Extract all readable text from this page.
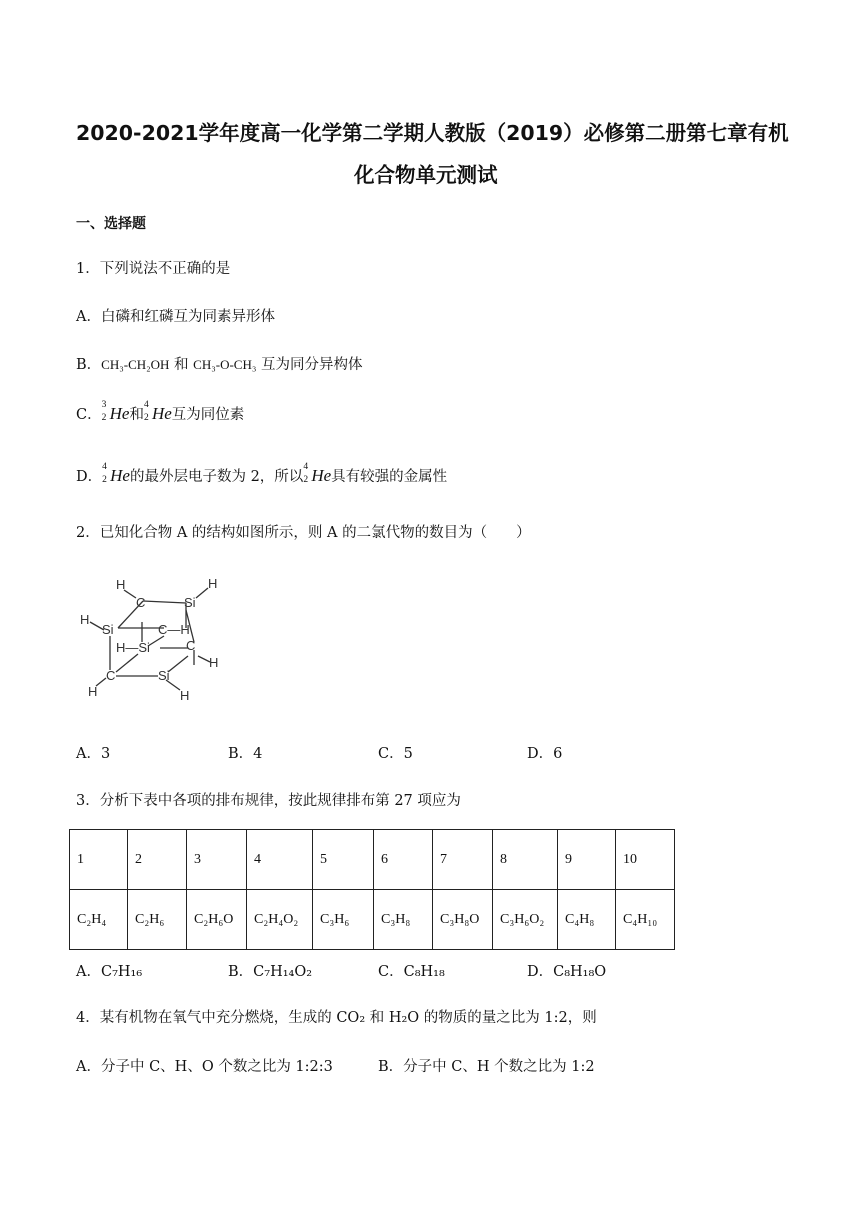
2020-2021学年度高一化学第二学期人教版（2019）必修第二册第七章有机
化合物单元测试
一、选择题
1．下列说法不正确的是
A．白磷和红磷互为同素异形体
B．CH₃-CH₂OH 和 CH₃-O-CH₃ 互为同分异构体
C．
3
2 He和
4
2 He互为同位素
D．
4
2 He的最外层电子数为 2，所以
4
2 He具有较强的金属性
2．已知化合物 A 的结构如图所示，则 A 的二氯代物的数目为（　　）
H	H
C	Si
H
Si	C—H
H—Si	C
H
C	Si
H	H
A．3	B．4	C．5	D．6
3．分析下表中各项的排布规律，按此规律排布第 27 项应为
1	2	3	4	5	6	7	8	9	10
C₂H₄	C₂H₆	C₂H₆O	C₂H₄O₂	C₃H₆	C₃H₈	C₃H₈O	C₃H₆O₂	C₄H₈	C₄H₁₀
A．C₇H₁₆	B．C₇H₁₄O₂	C．C₈H₁₈	D．C₈H₁₈O
4．某有机物在氧气中充分燃烧，生成的 CO₂ 和 H₂O 的物质的量之比为 1:2，则
A．分子中 C、H、O 个数之比为 1:2:3	B．分子中 C、H 个数之比为 1:2
